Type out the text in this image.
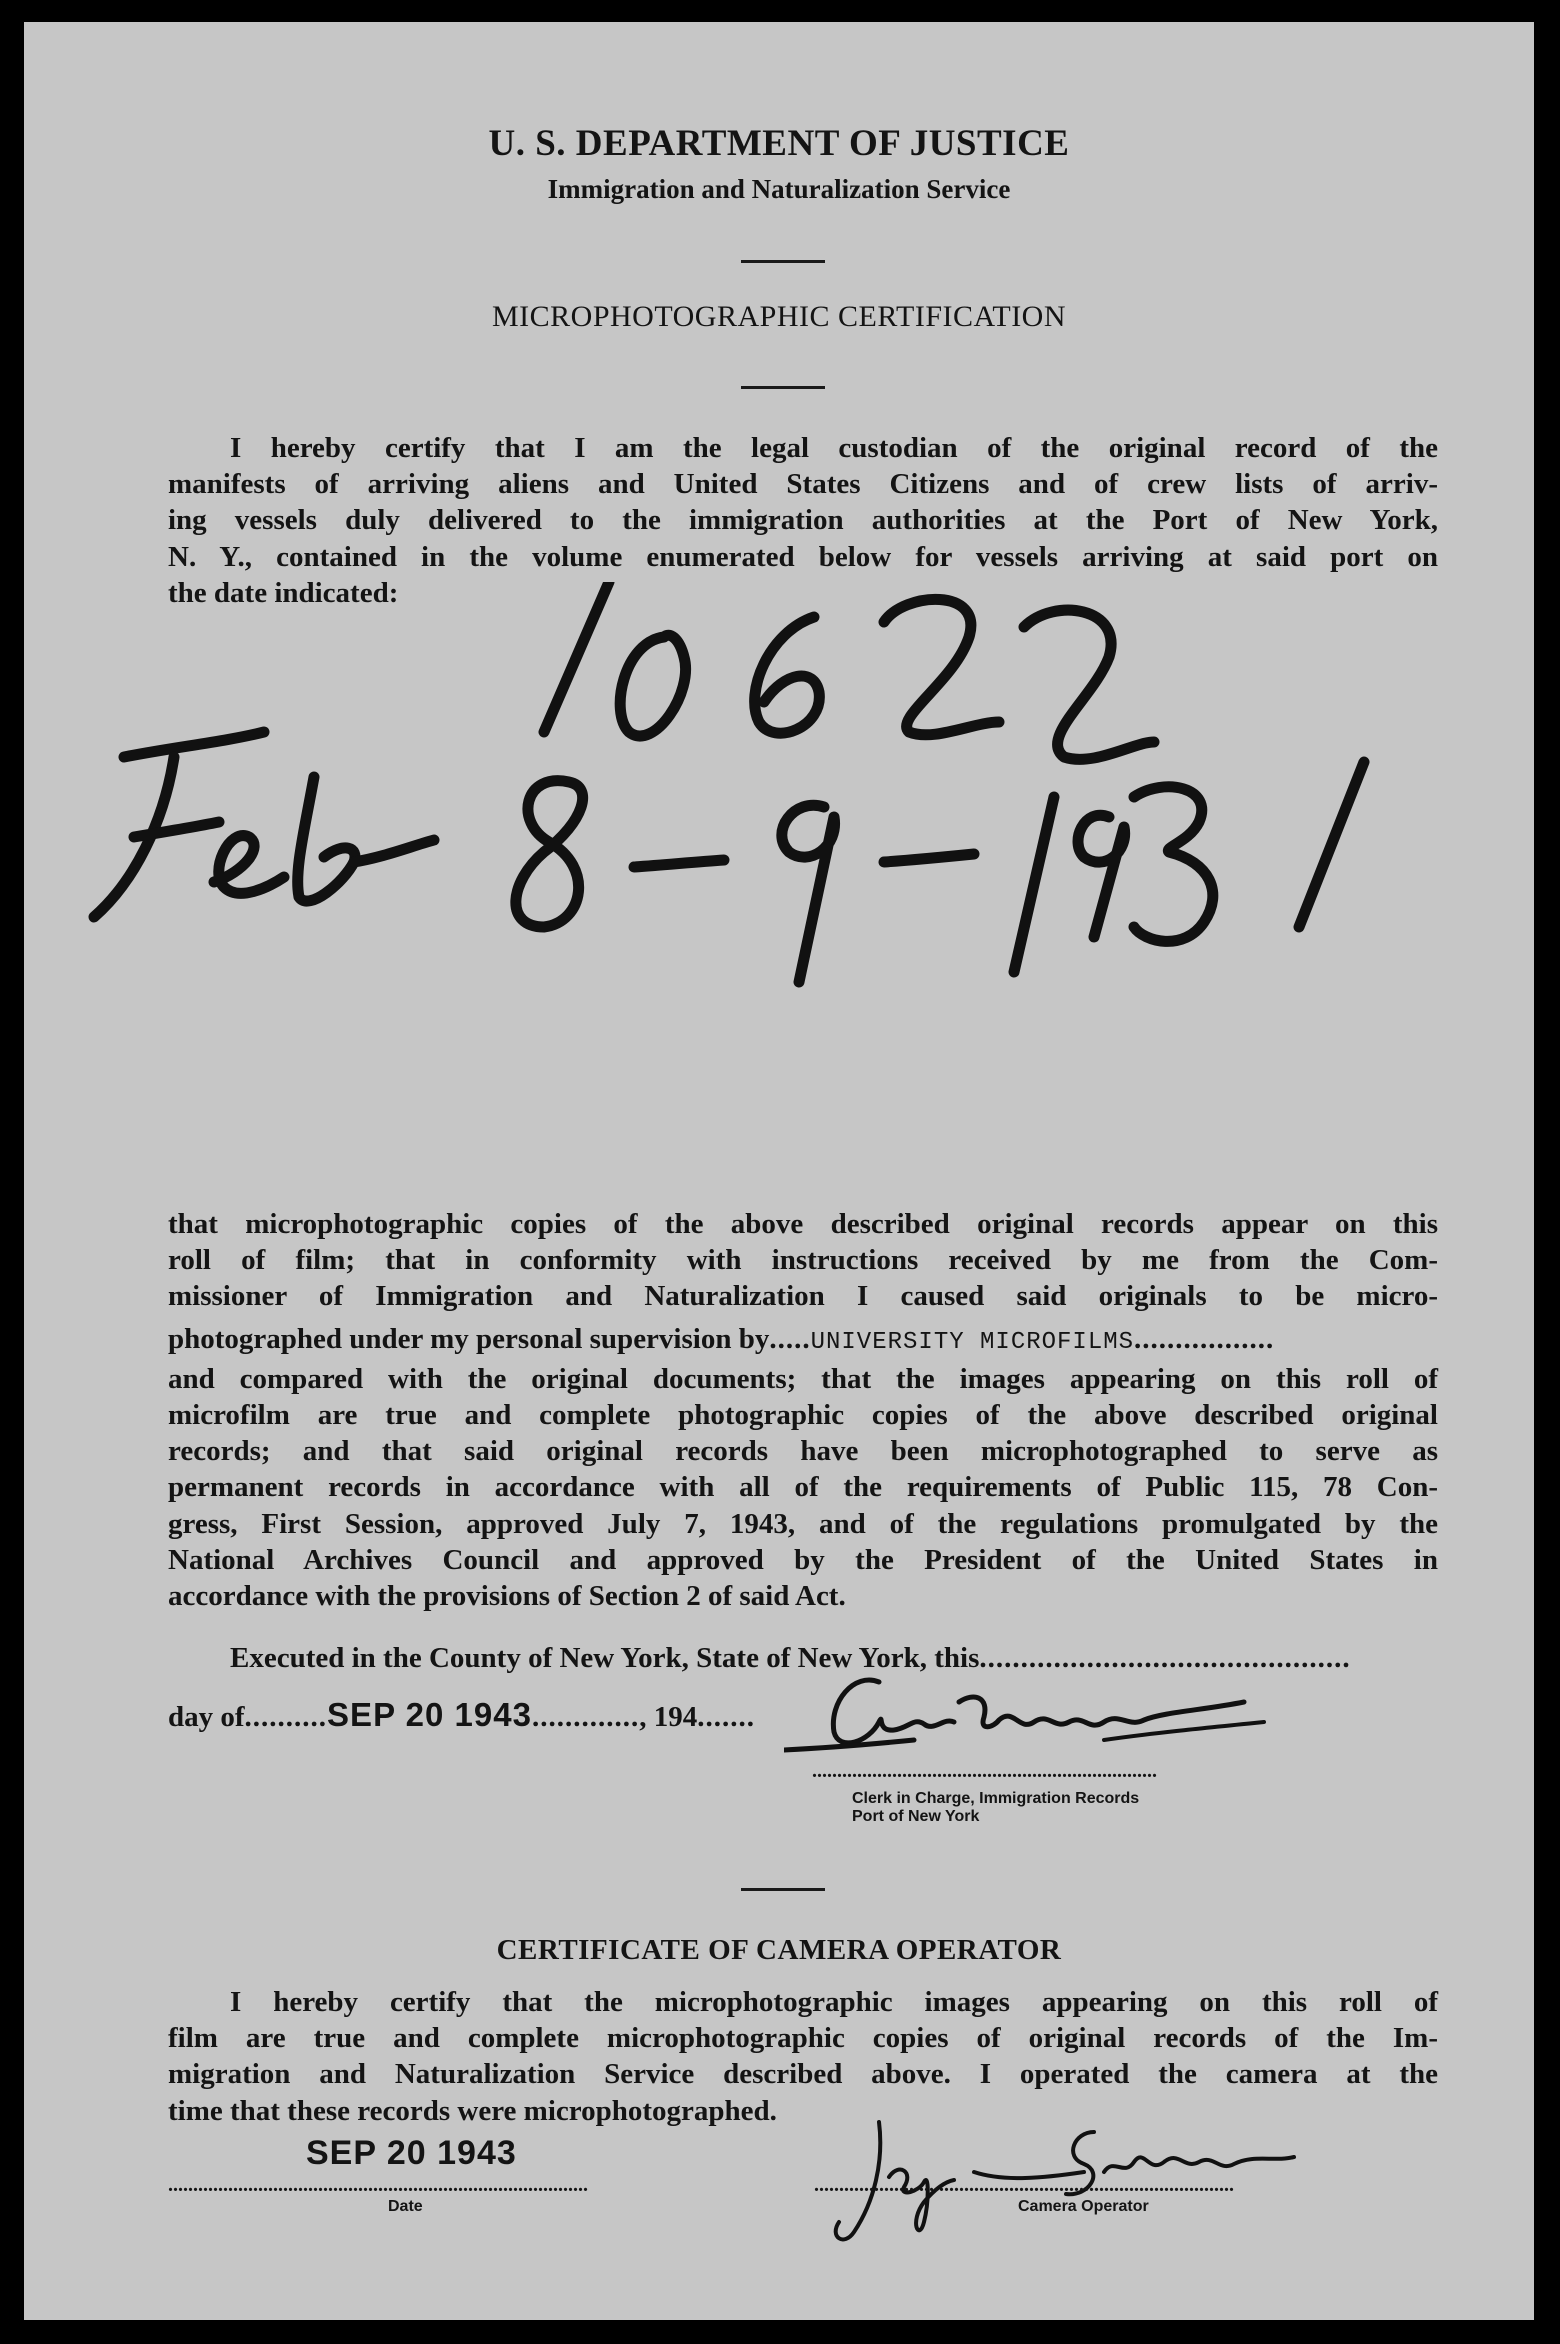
U. S. DEPARTMENT OF JUSTICE
Immigration and Naturalization Service
MICROPHOTOGRAPHIC CERTIFICATION
I hereby certify that I am the legal custodian of the original record of the
manifests of arriving aliens and United States Citizens and of crew lists of arriv-
ing vessels duly delivered to the immigration authorities at the Port of New York,
N. Y., contained in the volume enumerated below for vessels arriving at said port on
the date indicated:
that microphotographic copies of the above described original records appear on this
roll of film; that in conformity with instructions received by me from the Com-
missioner of Immigration and Naturalization I caused said originals to be micro-
photographed under my personal supervision by.....UNIVERSITY MICROFILMS.................
and compared with the original documents; that the images appearing on this roll of
microfilm are true and complete photographic copies of the above described original
records; and that said original records have been microphotographed to serve as
permanent records in accordance with all of the requirements of Public 115, 78 Con-
gress, First Session, approved July 7, 1943, and of the regulations promulgated by the
National Archives Council and approved by the President of the United States in
accordance with the provisions of Section 2 of said Act.
Executed in the County of New York, State of New York, this.............................................
day of..........SEP 20 1943............., 194.......
.....................................................................
Clerk in Charge, Immigration Records
Port of New York
CERTIFICATE OF CAMERA OPERATOR
I hereby certify that the microphotographic images appearing on this roll of
film are true and complete microphotographic copies of original records of the Im-
migration and Naturalization Service described above. I operated the camera at the
time that these records were microphotographed.
SEP 20 1943
....................................................................................
Date
....................................................................................
Camera Operator
